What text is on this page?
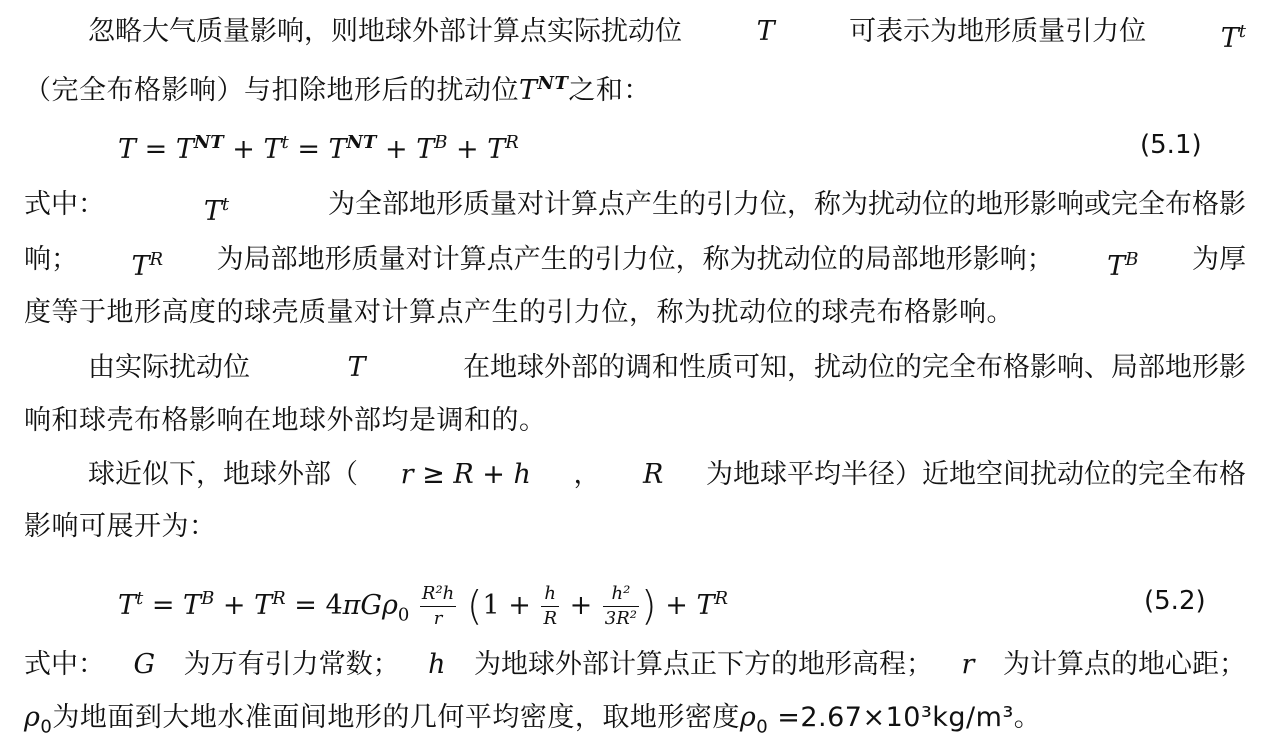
忽略大气质量影响，则地球外部计算点实际扰动位	T	可表示为地形质量引力位	$T^t$
（完全布格影响）与扣除地形后的扰动位$T^{NT}$之和：
$T = T^{NT} + T^t = T^{NT} + T^B + T^R$	(5.1)
式中：	$T^t$	为全部地形质量对计算点产生的引力位，称为扰动位的地形影响或完全布格影
响； $T^R$ 为局部地形质量对计算点产生的引力位，称为扰动位的局部地形影响； $T^B$ 为厚
度等于地形高度的球壳质量对计算点产生的引力位，称为扰动位的球壳布格影响。
由实际扰动位	T	在地球外部的调和性质可知，扰动位的完全布格影响、局部地形影
响和球壳布格影响在地球外部均是调和的。
球近似下，地球外部（ r ≥ R + h ， R 为地球平均半径）近地空间扰动位的完全布格
影响可展开为：
$T^t = T^B + T^R = 4\pi G\rho_0 \frac{\text{R²h}}{r} (1 + \frac{h}{R} + \frac{\text{h²}}{\text{3R²}}$ ) + $T^R$	(5.2)
式中： G 为万有引力常数； h 为地球外部计算点正下方的地形高程； r 为计算点的地心距；
$\rho_0$为地面到大地水准面间地形的几何平均密度，取地形密度$\rho_0 =2.67\times 10^3kg/m^3$。
